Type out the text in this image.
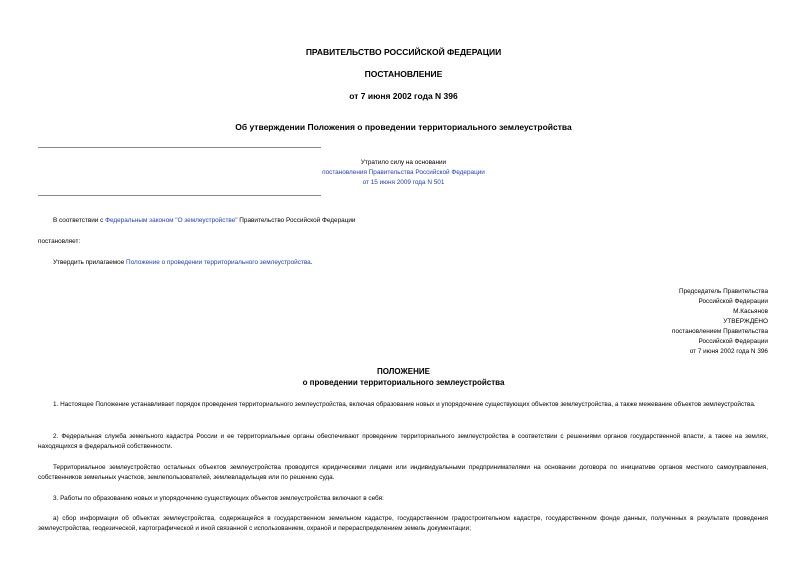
ПРАВИТЕЛЬСТВО РОССИЙСКОЙ ФЕДЕРАЦИИ
ПОСТАНОВЛЕНИЕ
от 7 июня 2002 года N 396
Об утверждении Положения о проведении территориального землеустройства
Утратило силу на основании
постановления Правительства Российской Федерации
от 15 июня 2009 года N 501
В соответствии с Федеральным законом "О землеустройстве" Правительство Российской Федерации
постановляет:
Утвердить прилагаемое Положение о проведении территориального землеустройства.
Председатель Правительства
Российской Федерации
М.Касьянов
УТВЕРЖДЕНО
постановлением Правительства
Российской Федерации
от 7 июня 2002 года N 396
ПОЛОЖЕНИЕ
о проведении территориального землеустройства
1. Настоящее Положение устанавливает порядок проведения территориального землеустройства, включая образование новых и упорядочение существующих объектов землеустройства, а также межевание объектов землеустройства.
2. Федеральная служба земельного кадастра России и ее территориальные органы обеспечивают проведение территориального землеустройства в соответствии с решениями органов государственной власти, а также на землях, находящихся в федеральной собственности.
Территориальное землеустройство остальных объектов землеустройства проводится юридическими лицами или индивидуальными предпринимателями на основании договора по инициативе органов местного самоуправления, собственников земельных участков, землепользователей, землевладельцев или по решению суда.
3. Работы по образованию новых и упорядочению существующих объектов землеустройства включают в себя:
а) сбор информации об объектах землеустройства, содержащейся в государственном земельном кадастре, государственном градостроительном кадастре, государственном фонде данных, полученных в результате проведения землеустройства, геодезической, картографической и иной связанной с использованием, охраной и перераспределением земель документации;
